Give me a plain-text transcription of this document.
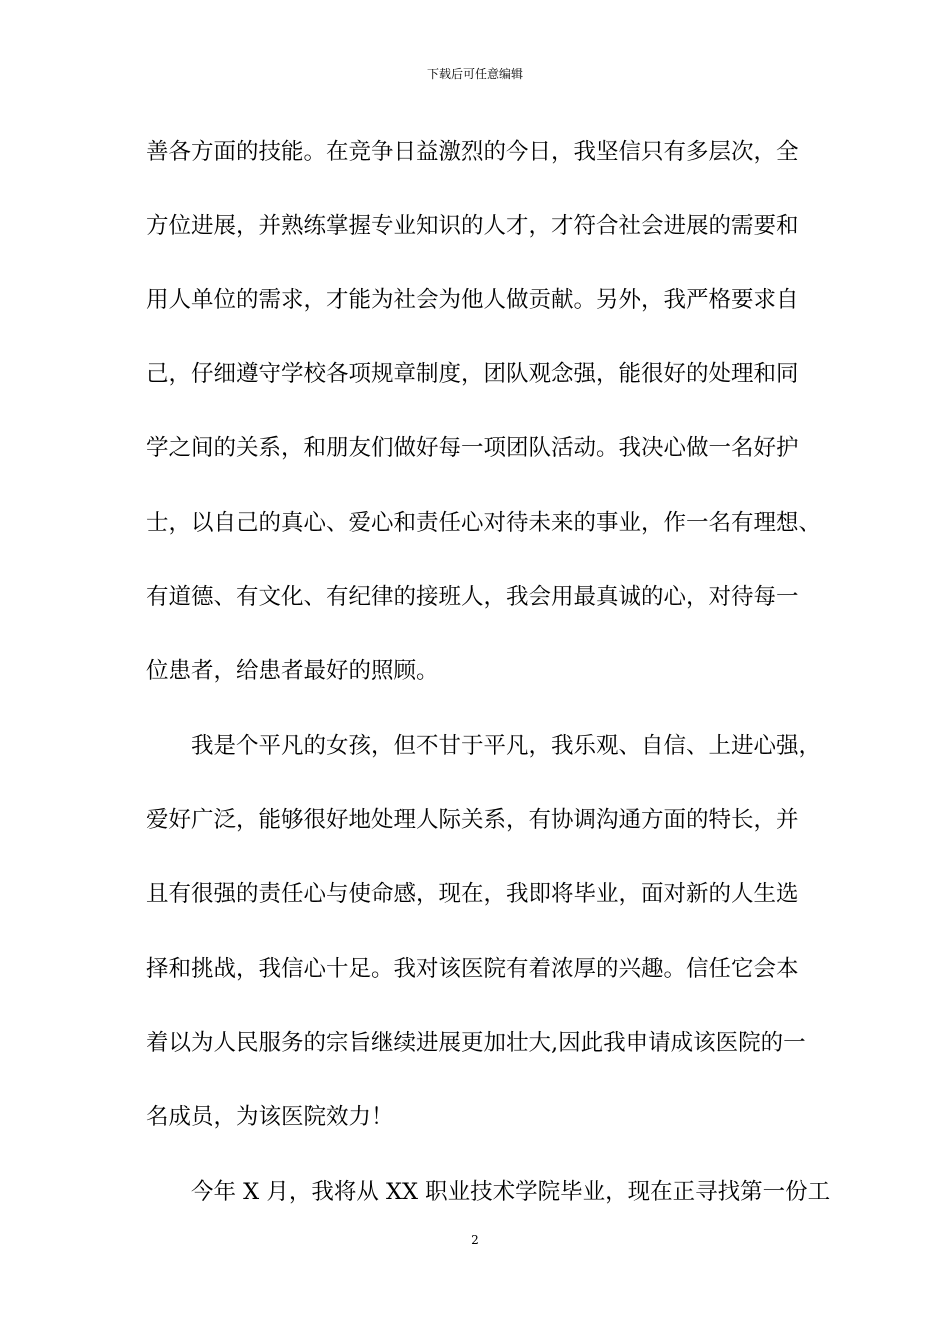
下载后可任意编辑
善各方面的技能。在竞争日益激烈的今日，我坚信只有多层次，全
方位进展，并熟练掌握专业知识的人才，才符合社会进展的需要和
用人单位的需求，才能为社会为他人做贡献。另外，我严格要求自
己，仔细遵守学校各项规章制度，团队观念强，能很好的处理和同
学之间的关系，和朋友们做好每一项团队活动。我决心做一名好护
士，以自己的真心、爱心和责任心对待未来的事业，作一名有理想、
有道德、有文化、有纪律的接班人，我会用最真诚的心，对待每一
位患者，给患者最好的照顾。
我是个平凡的女孩，但不甘于平凡，我乐观、自信、上进心强，
爱好广泛，能够很好地处理人际关系，有协调沟通方面的特长，并
且有很强的责任心与使命感，现在，我即将毕业，面对新的人生选
择和挑战，我信心十足。我对该医院有着浓厚的兴趣。信任它会本
着以为人民服务的宗旨继续进展更加壮大,因此我申请成该医院的一
名成员，为该医院效力！
今年 X 月，我将从 XX 职业技术学院毕业，现在正寻找第一份工
2
